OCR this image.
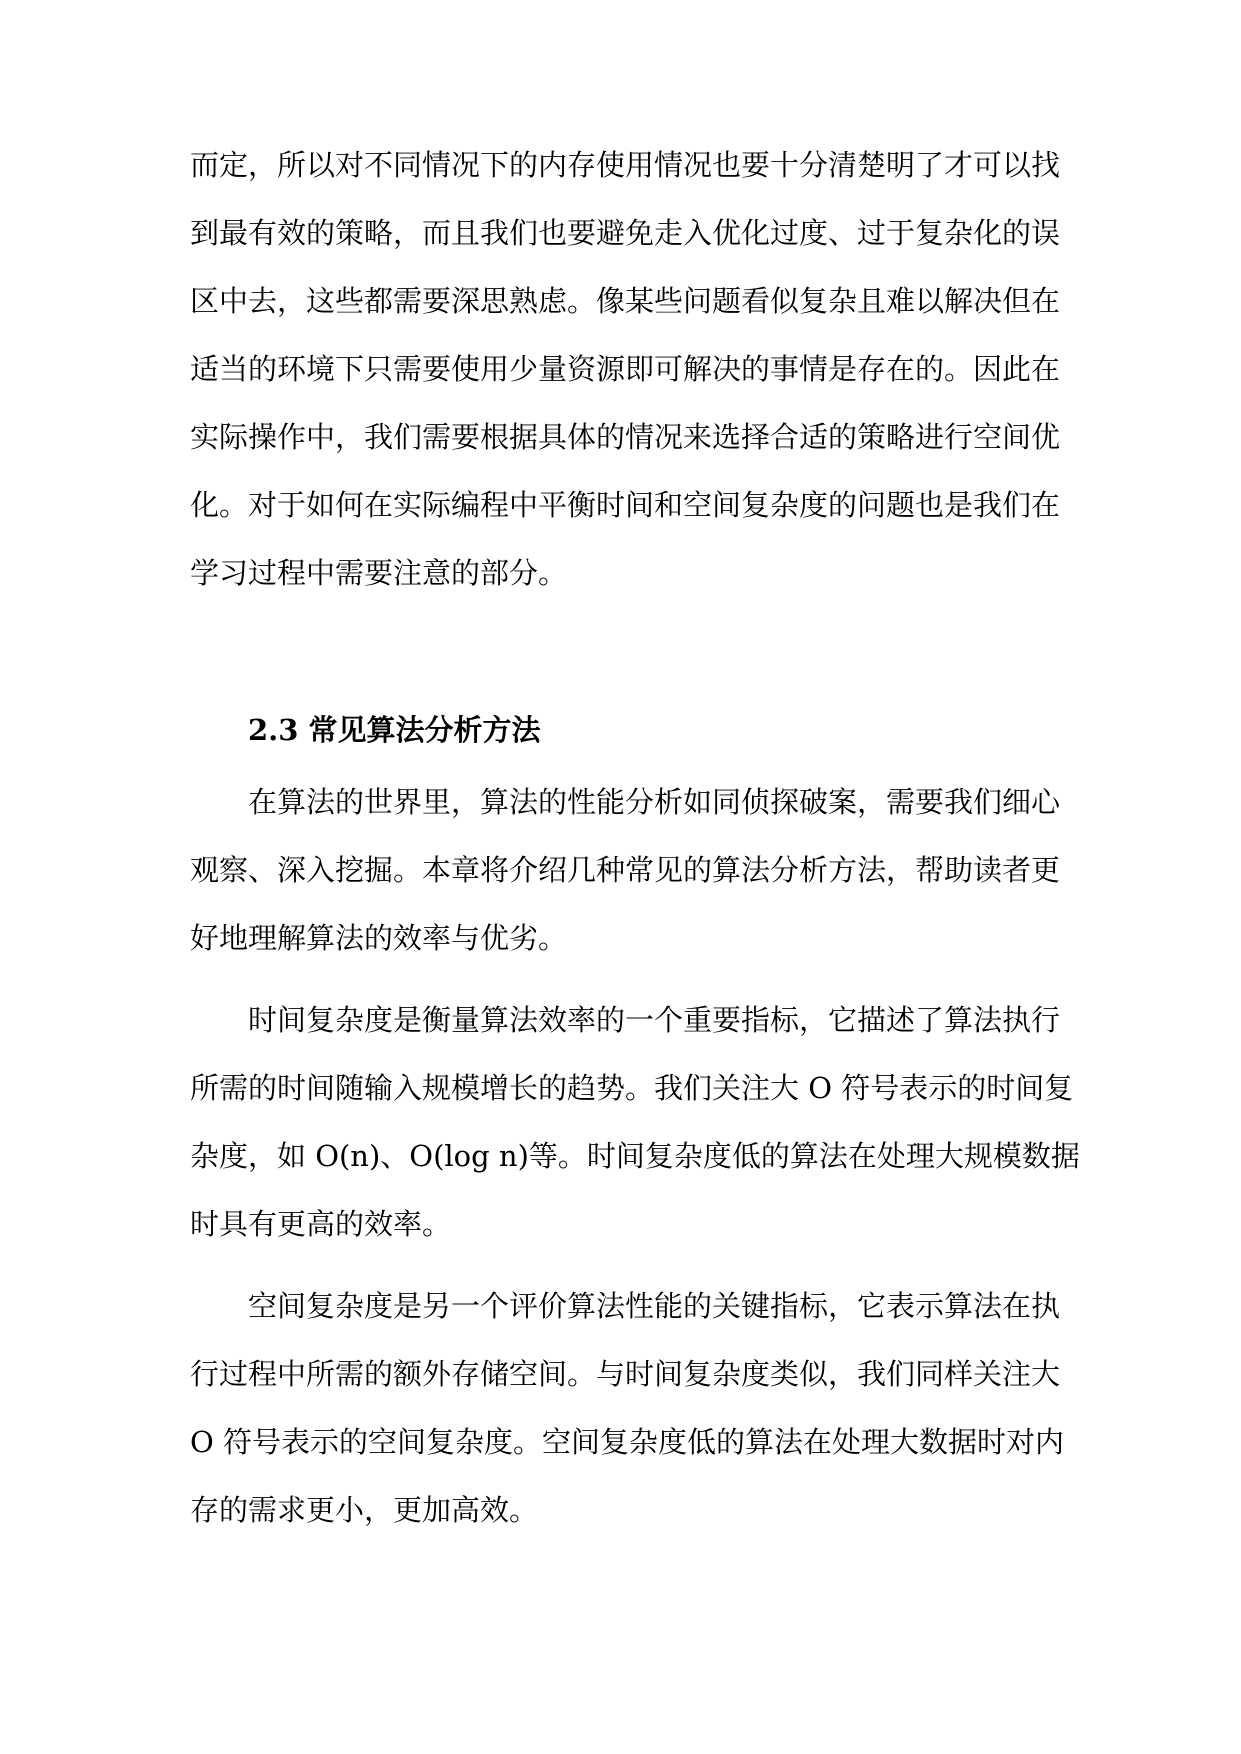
而定，所以对不同情况下的内存使用情况也要十分清楚明了才可以找
到最有效的策略，而且我们也要避免走入优化过度、过于复杂化的误
区中去，这些都需要深思熟虑。像某些问题看似复杂且难以解决但在
适当的环境下只需要使用少量资源即可解决的事情是存在的。因此在
实际操作中，我们需要根据具体的情况来选择合适的策略进行空间优
化。对于如何在实际编程中平衡时间和空间复杂度的问题也是我们在
学习过程中需要注意的部分。
2.3 常见算法分析方法
在算法的世界里，算法的性能分析如同侦探破案，需要我们细心
观察、深入挖掘。本章将介绍几种常见的算法分析方法，帮助读者更
好地理解算法的效率与优劣。
时间复杂度是衡量算法效率的一个重要指标，它描述了算法执行
所需的时间随输入规模增长的趋势。我们关注大 O 符号表示的时间复
杂度，如 O(n)、O(log n)等。时间复杂度低的算法在处理大规模数据
时具有更高的效率。
空间复杂度是另一个评价算法性能的关键指标，它表示算法在执
行过程中所需的额外存储空间。与时间复杂度类似，我们同样关注大
O 符号表示的空间复杂度。空间复杂度低的算法在处理大数据时对内
存的需求更小，更加高效。
